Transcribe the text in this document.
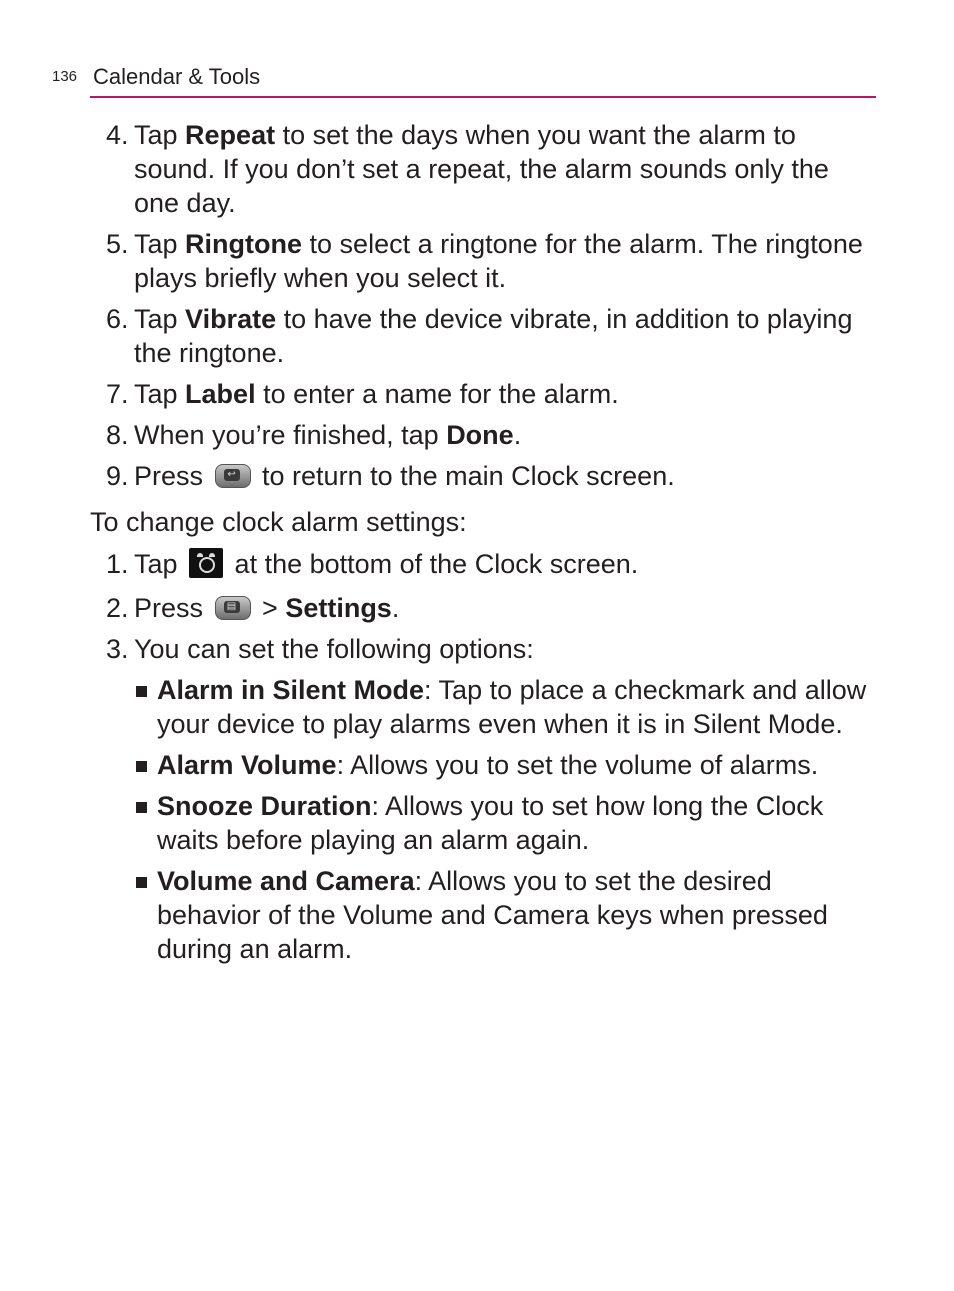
136 Calendar & Tools
4. Tap Repeat to set the days when you want the alarm to sound. If you don’t set a repeat, the alarm sounds only the one day.
5. Tap Ringtone to select a ringtone for the alarm. The ringtone plays briefly when you select it.
6. Tap Vibrate to have the device vibrate, in addition to playing the ringtone.
7. Tap Label to enter a name for the alarm.
8. When you’re finished, tap Done.
9. Press	↩ to return to the main Clock screen.
To change clock alarm settings:
1. Tap
at the bottom of the Clock screen.
2. Press	▤ > Settings.
3. You can set the following options:
Alarm in Silent Mode: Tap to place a checkmark and allow your device to play alarms even when it is in Silent Mode.
Alarm Volume: Allows you to set the volume of alarms.
Snooze Duration: Allows you to set how long the Clock waits before playing an alarm again.
Volume and Camera: Allows you to set the desired behavior of the Volume and Camera keys when pressed during an alarm.
